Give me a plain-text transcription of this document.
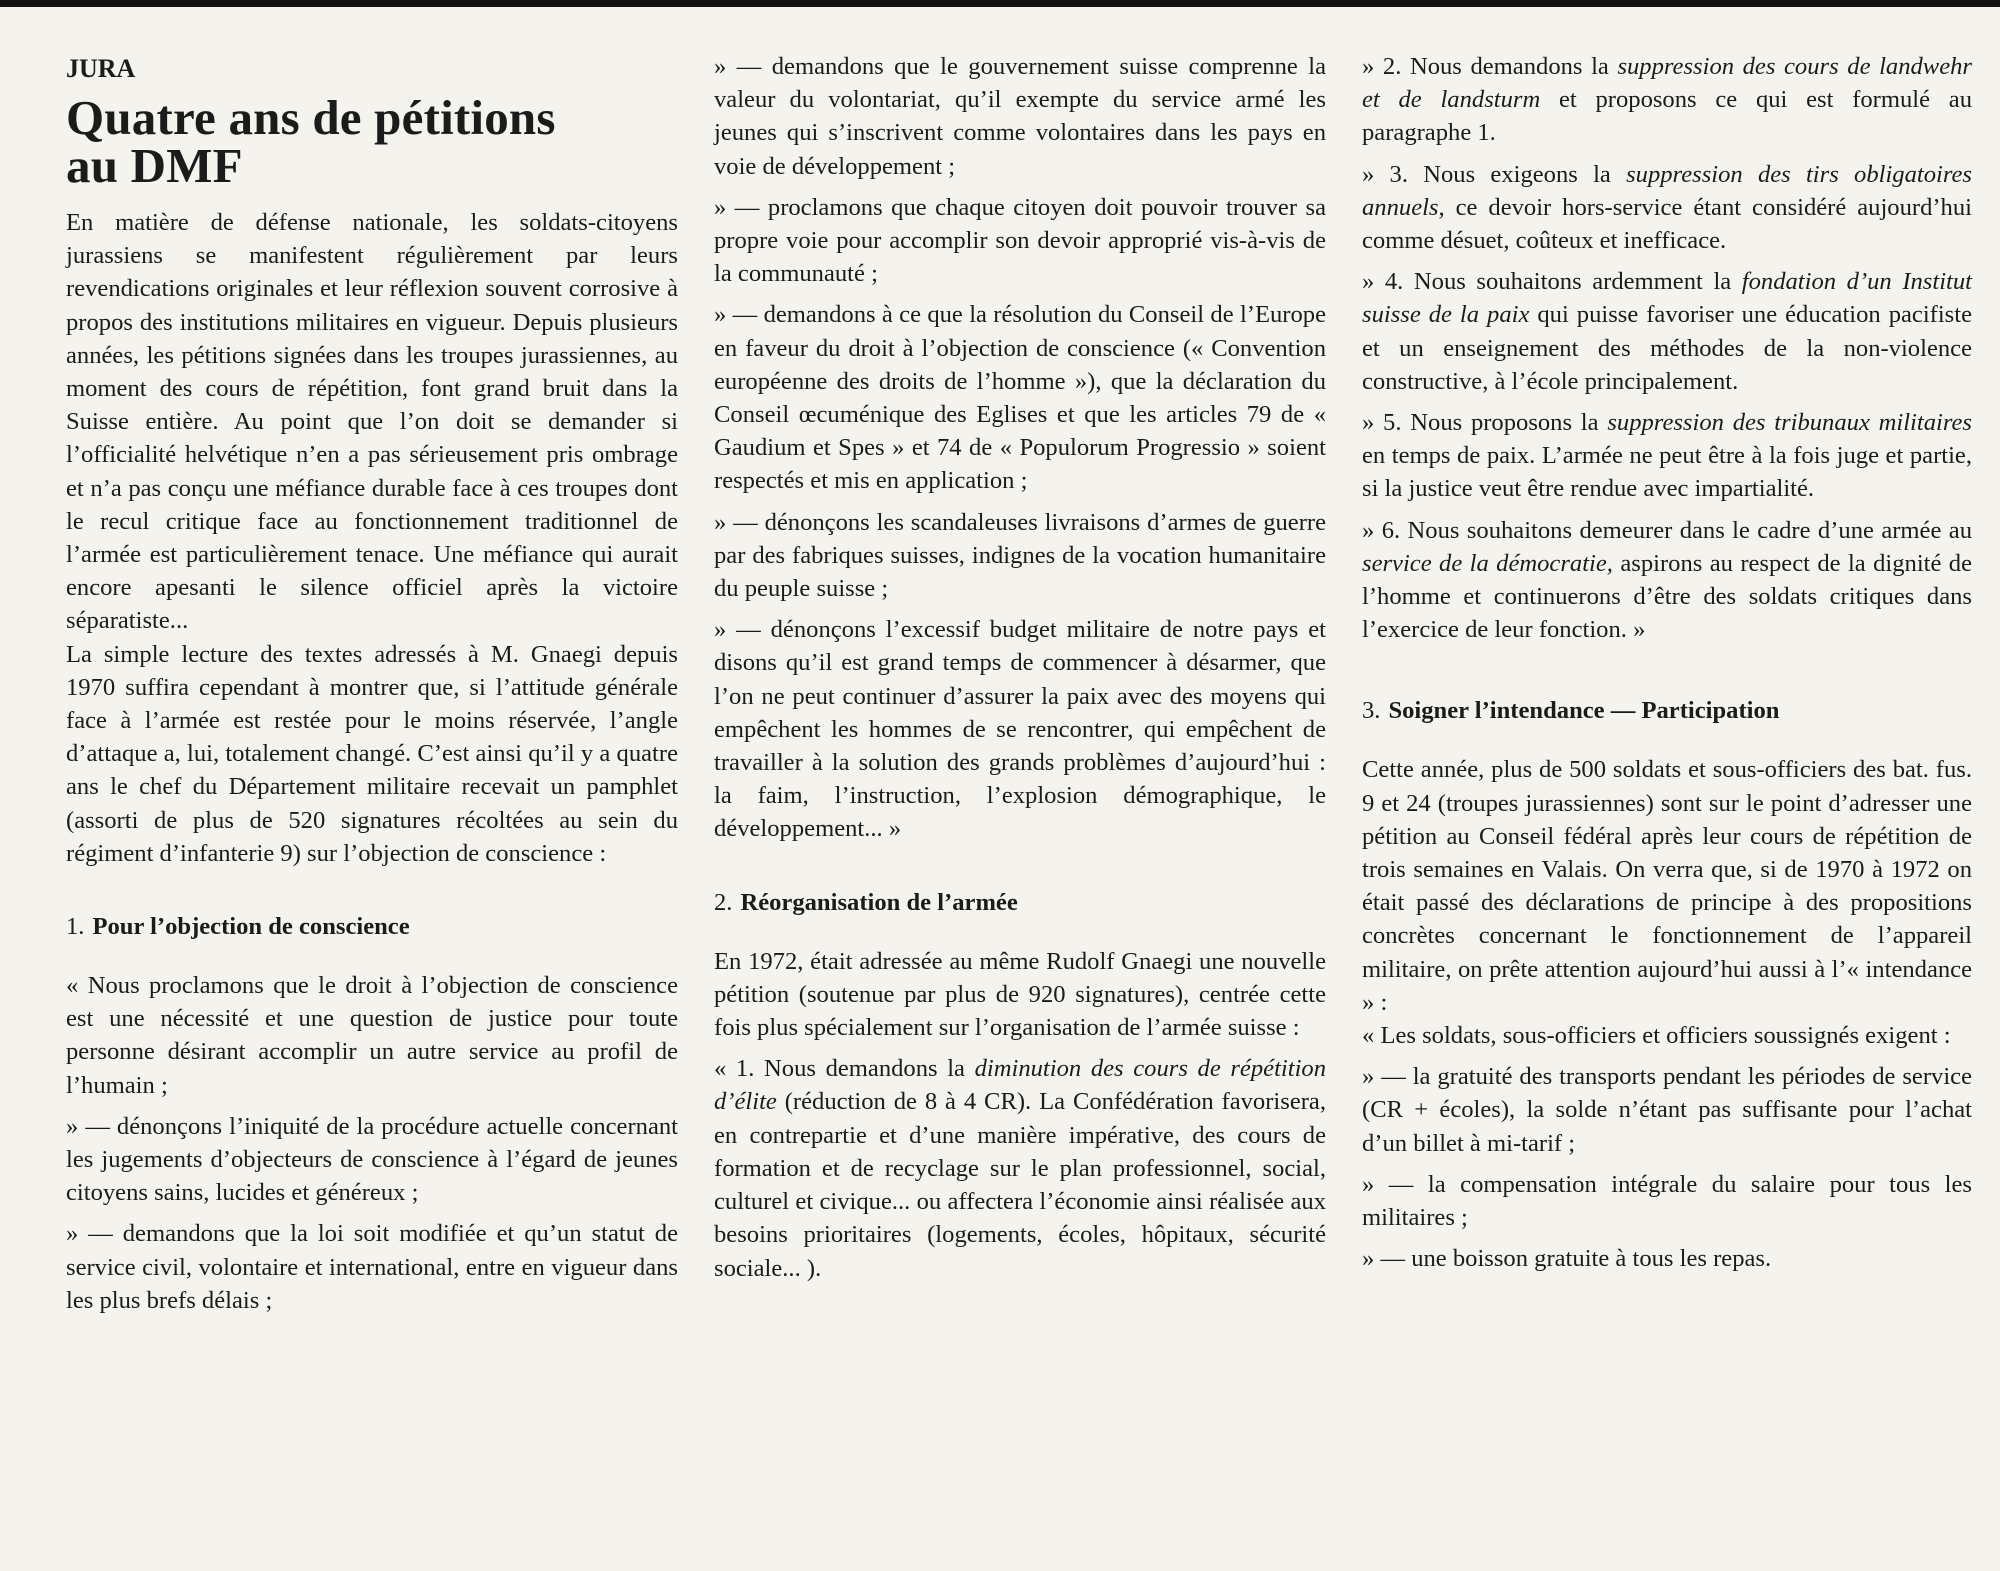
JURA
Quatre ans de pétitions
au DMF

En matière de défense nationale, les soldats-citoyens jurassiens se manifestent régulièrement par leurs revendications originales et leur réflexion souvent corrosive à propos des institutions militaires en vigueur. Depuis plusieurs années, les pétitions signées dans les troupes jurassiennes, au moment des cours de répétition, font grand bruit dans la Suisse entière. Au point que l’on doit se demander si l’officialité helvétique n’en a pas sérieusement pris ombrage et n’a pas conçu une méfiance durable face à ces troupes dont le recul critique face au fonctionnement traditionnel de l’armée est particulièrement tenace. Une méfiance qui aurait encore apesanti le silence officiel après la victoire séparatiste...

La simple lecture des textes adressés à M. Gnaegi depuis 1970 suffira cependant à montrer que, si l’attitude générale face à l’armée est restée pour le moins réservée, l’angle d’attaque a, lui, totalement changé. C’est ainsi qu’il y a quatre ans le chef du Département militaire recevait un pamphlet (assorti de plus de 520 signatures récoltées au sein du régiment d’infanterie 9) sur l’objection de conscience :

1. Pour l’objection de conscience

« Nous proclamons que le droit à l’objection de conscience est une nécessité et une question de justice pour toute personne désirant accomplir un autre service au profil de l’humain ;

» — dénonçons l’iniquité de la procédure actuelle concernant les jugements d’objecteurs de conscience à l’égard de jeunes citoyens sains, lucides et généreux ;

» — demandons que la loi soit modifiée et qu’un statut de service civil, volontaire et international, entre en vigueur dans les plus brefs délais ;

» — demandons que le gouvernement suisse comprenne la valeur du volontariat, qu’il exempte du service armé les jeunes qui s’inscrivent comme volontaires dans les pays en voie de développement ;

» — proclamons que chaque citoyen doit pouvoir trouver sa propre voie pour accomplir son devoir approprié vis-à-vis de la communauté ;

» — demandons à ce que la résolution du Conseil de l’Europe en faveur du droit à l’objection de conscience (« Convention européenne des droits de l’homme »), que la déclaration du Conseil œcuménique des Eglises et que les articles 79 de « Gaudium et Spes » et 74 de « Populorum Progressio » soient respectés et mis en application ;

» — dénonçons les scandaleuses livraisons d’armes de guerre par des fabriques suisses, indignes de la vocation humanitaire du peuple suisse ;

» — dénonçons l’excessif budget militaire de notre pays et disons qu’il est grand temps de commencer à désarmer, que l’on ne peut continuer d’assurer la paix avec des moyens qui empêchent les hommes de se rencontrer, qui empêchent de travailler à la solution des grands problèmes d’aujourd’hui : la faim, l’instruction, l’explosion démographique, le développement... »

2. Réorganisation de l’armée

En 1972, était adressée au même Rudolf Gnaegi une nouvelle pétition (soutenue par plus de 920 signatures), centrée cette fois plus spécialement sur l’organisation de l’armée suisse :

« 1. Nous demandons la diminution des cours de répétition d’élite (réduction de 8 à 4 CR). La Confédération favorisera, en contrepartie et d’une manière impérative, des cours de formation et de recyclage sur le plan professionnel, social, culturel et civique... ou affectera l’économie ainsi réalisée aux besoins prioritaires (logements, écoles, hôpitaux, sécurité sociale... ).

» 2. Nous demandons la suppression des cours de landwehr et de landsturm et proposons ce qui est formulé au paragraphe 1.

» 3. Nous exigeons la suppression des tirs obligatoires annuels, ce devoir hors-service étant considéré aujourd’hui comme désuet, coûteux et inefficace.

» 4. Nous souhaitons ardemment la fondation d’un Institut suisse de la paix qui puisse favoriser une éducation pacifiste et un enseignement des méthodes de la non-violence constructive, à l’école principalement.

» 5. Nous proposons la suppression des tribunaux militaires en temps de paix. L’armée ne peut être à la fois juge et partie, si la justice veut être rendue avec impartialité.

» 6. Nous souhaitons demeurer dans le cadre d’une armée au service de la démocratie, aspirons au respect de la dignité de l’homme et continuerons d’être des soldats critiques dans l’exercice de leur fonction. »

3. Soigner l’intendance — Participation

Cette année, plus de 500 soldats et sous-officiers des bat. fus. 9 et 24 (troupes jurassiennes) sont sur le point d’adresser une pétition au Conseil fédéral après leur cours de répétition de trois semaines en Valais. On verra que, si de 1970 à 1972 on était passé des déclarations de principe à des propositions concrètes concernant le fonctionnement de l’appareil militaire, on prête attention aujourd’hui aussi à l’« intendance » :

« Les soldats, sous-officiers et officiers soussignés exigent :

» — la gratuité des transports pendant les périodes de service (CR + écoles), la solde n’étant pas suffisante pour l’achat d’un billet à mi-tarif ;

» — la compensation intégrale du salaire pour tous les militaires ;

» — une boisson gratuite à tous les repas.
